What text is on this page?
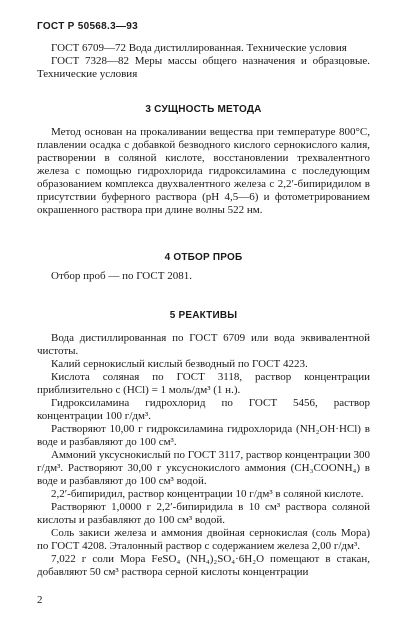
ГОСТ Р 50568.3—93

ГОСТ 6709—72 Вода дистиллированная. Технические условия

ГОСТ 7328—82 Меры массы общего назначения и образцовые. Технические условия

3 СУЩНОСТЬ МЕТОДА

Метод основан на прокаливании вещества при температуре 800°С, плавлении осадка с добавкой безводного кислого сернокислого калия, растворении в соляной кислоте, восстановлении трехвалентного железа с помощью гидрохлорида гидроксиламина с последующим образованием комплекса двухвалентного железа с 2,2′-бипиридилом в присутствии буферного раствора (рН 4,5—6) и фотометрированием окрашенного раствора при длине волны 522 нм.

4 ОТБОР ПРОБ

Отбор проб — по ГОСТ 2081.

5 РЕАКТИВЫ

Вода дистиллированная по ГОСТ 6709 или вода эквивалентной чистоты.

Калий сернокислый кислый безводный по ГОСТ 4223.

Кислота соляная по ГОСТ 3118, раствор концентрации приблизительно с (НСl) = 1 моль/дм³ (1 н.).

Гидроксиламина гидрохлорид по ГОСТ 5456, раствор концентрации 100 г/дм³.

Растворяют 10,00 г гидроксиламина гидрохлорида (NH₂OH·HCl) в воде и разбавляют до 100 см³.

Аммоний уксуснокислый по ГОСТ 3117, раствор концентрации 300 г/дм³. Растворяют 30,00 г уксуснокислого аммония (CH₃COONH₄) в воде и разбавляют до 100 см³ водой.

2,2′-бипиридил, раствор концентрации 10 г/дм³ в соляной кислоте.

Растворяют 1,0000 г 2,2′-бипиридила в 10 см³ раствора соляной кислоты и разбавляют до 100 см³ водой.

Соль закиси железа и аммония двойная сернокислая (соль Мора) по ГОСТ 4208. Эталонный раствор с содержанием железа 2,00 г/дм³.

7,022 г соли Мора FeSO₄ (NH₄)₂SO₄·6H₂O помещают в стакан, добавляют 50 см³ раствора серной кислоты концентрации

2
